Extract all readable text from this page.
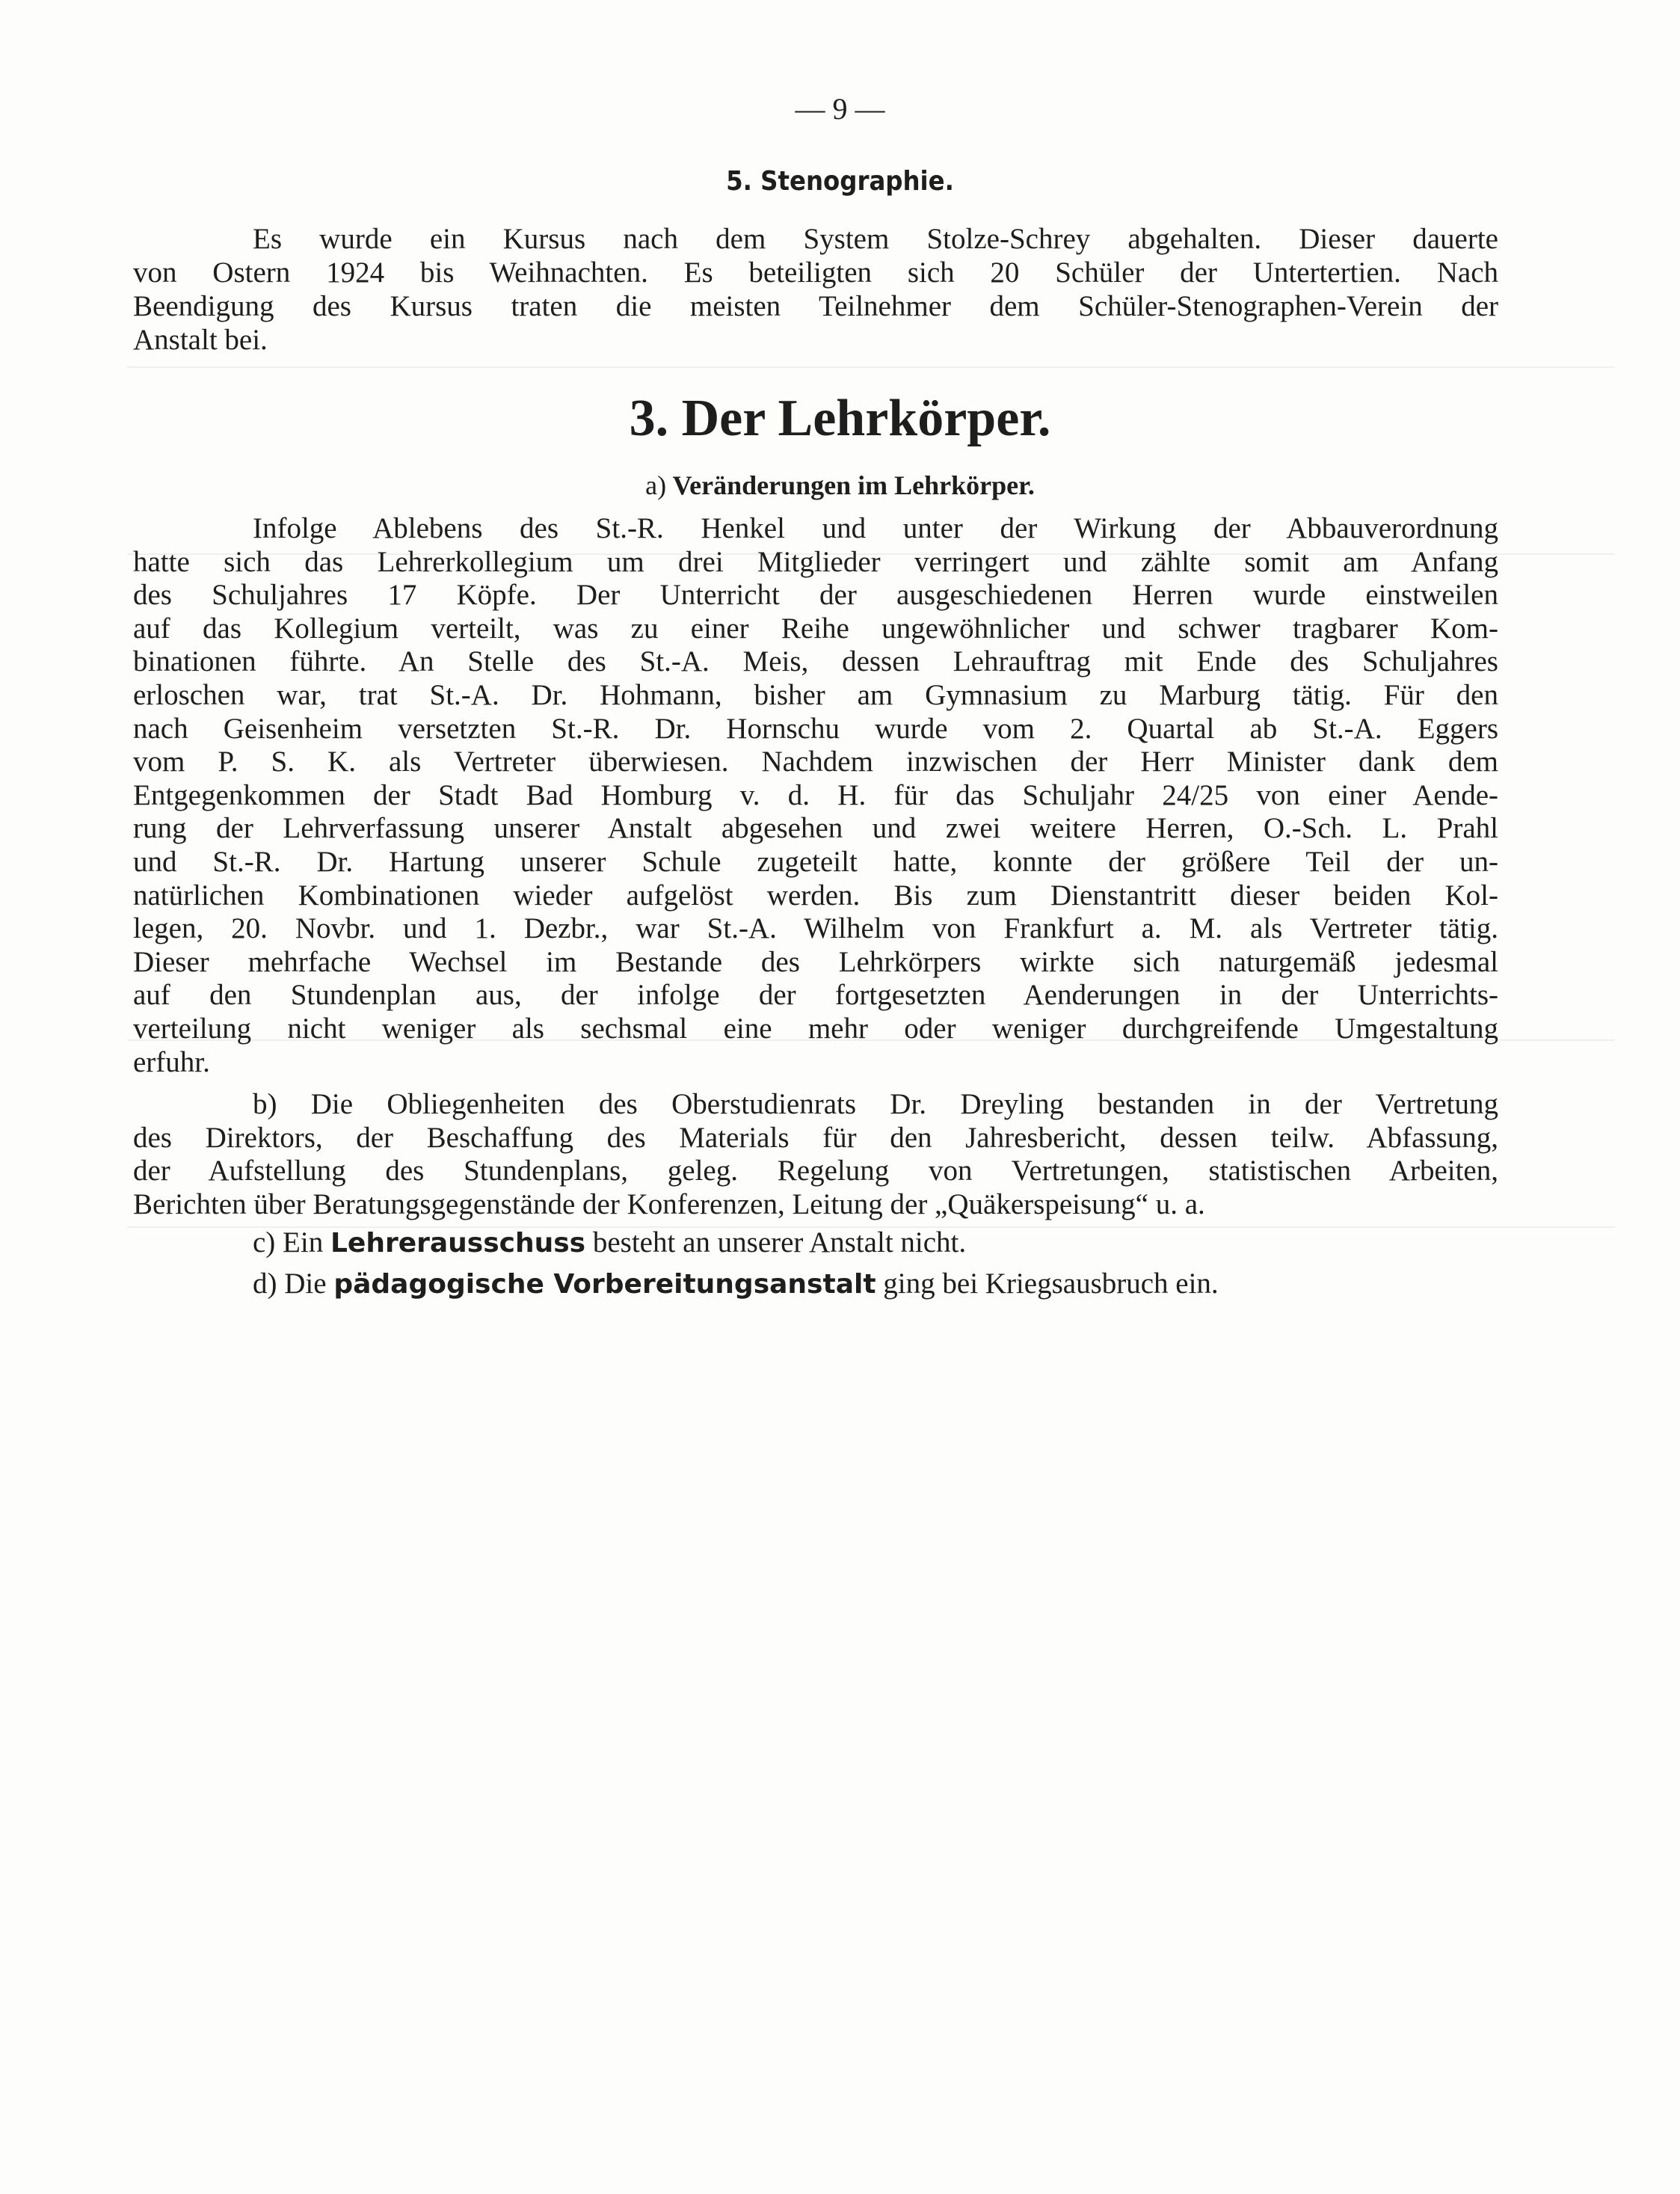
— 9 —
5. Stenographie.
Es wurde ein Kursus nach dem System Stolze-Schrey abgehalten. Dieser dauerte
von Ostern 1924 bis Weihnachten. Es beteiligten sich 20 Schüler der Untertertien. Nach
Beendigung des Kursus traten die meisten Teilnehmer dem Schüler-Stenographen-Verein der
Anstalt bei.
3. Der Lehrkörper.
a) Veränderungen im Lehrkörper.
Infolge Ablebens des St.-R. Henkel und unter der Wirkung der Abbauverordnung
hatte sich das Lehrerkollegium um drei Mitglieder verringert und zählte somit am Anfang
des Schuljahres 17 Köpfe. Der Unterricht der ausgeschiedenen Herren wurde einstweilen
auf das Kollegium verteilt, was zu einer Reihe ungewöhnlicher und schwer tragbarer Kom-
binationen führte. An Stelle des St.-A. Meis, dessen Lehrauftrag mit Ende des Schuljahres
erloschen war, trat St.-A. Dr. Hohmann, bisher am Gymnasium zu Marburg tätig. Für den
nach Geisenheim versetzten St.-R. Dr. Hornschu wurde vom 2. Quartal ab St.-A. Eggers
vom P. S. K. als Vertreter überwiesen. Nachdem inzwischen der Herr Minister dank dem
Entgegenkommen der Stadt Bad Homburg v. d. H. für das Schuljahr 24/25 von einer Aende-
rung der Lehrverfassung unserer Anstalt abgesehen und zwei weitere Herren, O.-Sch. L. Prahl
und St.-R. Dr. Hartung unserer Schule zugeteilt hatte, konnte der größere Teil der un-
natürlichen Kombinationen wieder aufgelöst werden. Bis zum Dienstantritt dieser beiden Kol-
legen, 20. Novbr. und 1. Dezbr., war St.-A. Wilhelm von Frankfurt a. M. als Vertreter tätig.
Dieser mehrfache Wechsel im Bestande des Lehrkörpers wirkte sich naturgemäß jedesmal
auf den Stundenplan aus, der infolge der fortgesetzten Aenderungen in der Unterrichts-
verteilung nicht weniger als sechsmal eine mehr oder weniger durchgreifende Umgestaltung
erfuhr.
b) Die Obliegenheiten des Oberstudienrats Dr. Dreyling bestanden in der Vertretung
des Direktors, der Beschaffung des Materials für den Jahresbericht, dessen teilw. Abfassung,
der Aufstellung des Stundenplans, geleg. Regelung von Vertretungen, statistischen Arbeiten,
Berichten über Beratungsgegenstände der Konferenzen, Leitung der „Quäkerspeisung“ u. a.
c) Ein Lehrerausschuss besteht an unserer Anstalt nicht.
d) Die pädagogische Vorbereitungsanstalt ging bei Kriegsausbruch ein.
